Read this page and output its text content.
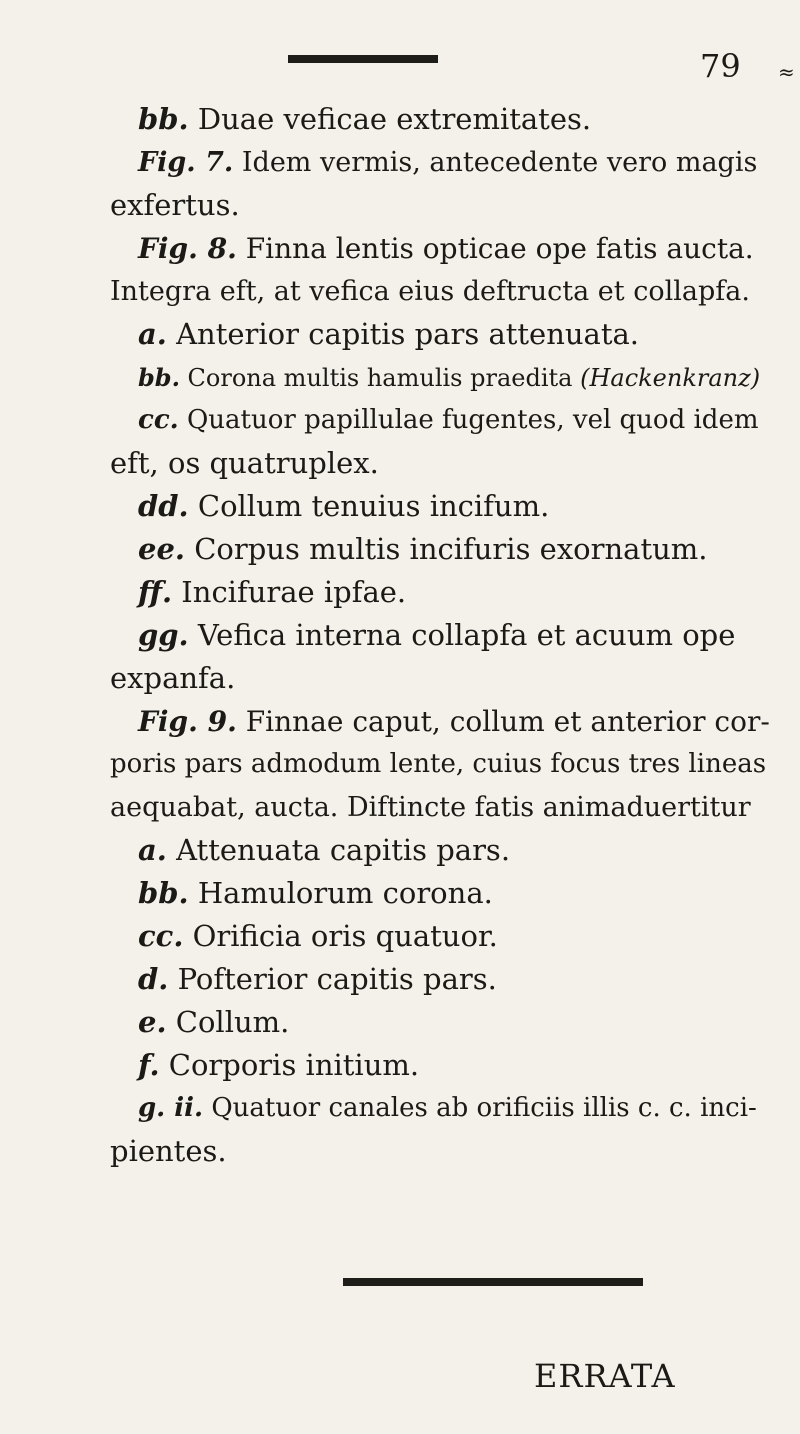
79 ≈
bb. Duae veficae extremitates.
Fig. 7. Idem vermis, antecedente vero magis
exfertus.
Fig. 8. Finna lentis opticae ope fatis aucta.
Integra eft, at vefica eius deftructa et collapfa.
a. Anterior capitis pars attenuata.
bb. Corona multis hamulis praedita (Hackenkranz)
cc. Quatuor papillulae fugentes, vel quod idem
eft, os quatruplex.
dd. Collum tenuius incifum.
ee. Corpus multis incifuris exornatum.
ff. Incifurae ipfae.
gg. Vefica interna collapfa et acuum ope
expanfa.
Fig. 9. Finnae caput, collum et anterior cor-
poris pars admodum lente, cuius focus tres lineas
aequabat, aucta. Diftincte fatis animaduertitur
a. Attenuata capitis pars.
bb. Hamulorum corona.
cc. Orificia oris quatuor.
d. Pofterior capitis pars.
e. Collum.
f. Corporis initium.
g. ii. Quatuor canales ab orificiis illis c. c. inci-
pientes.
ERRATA
